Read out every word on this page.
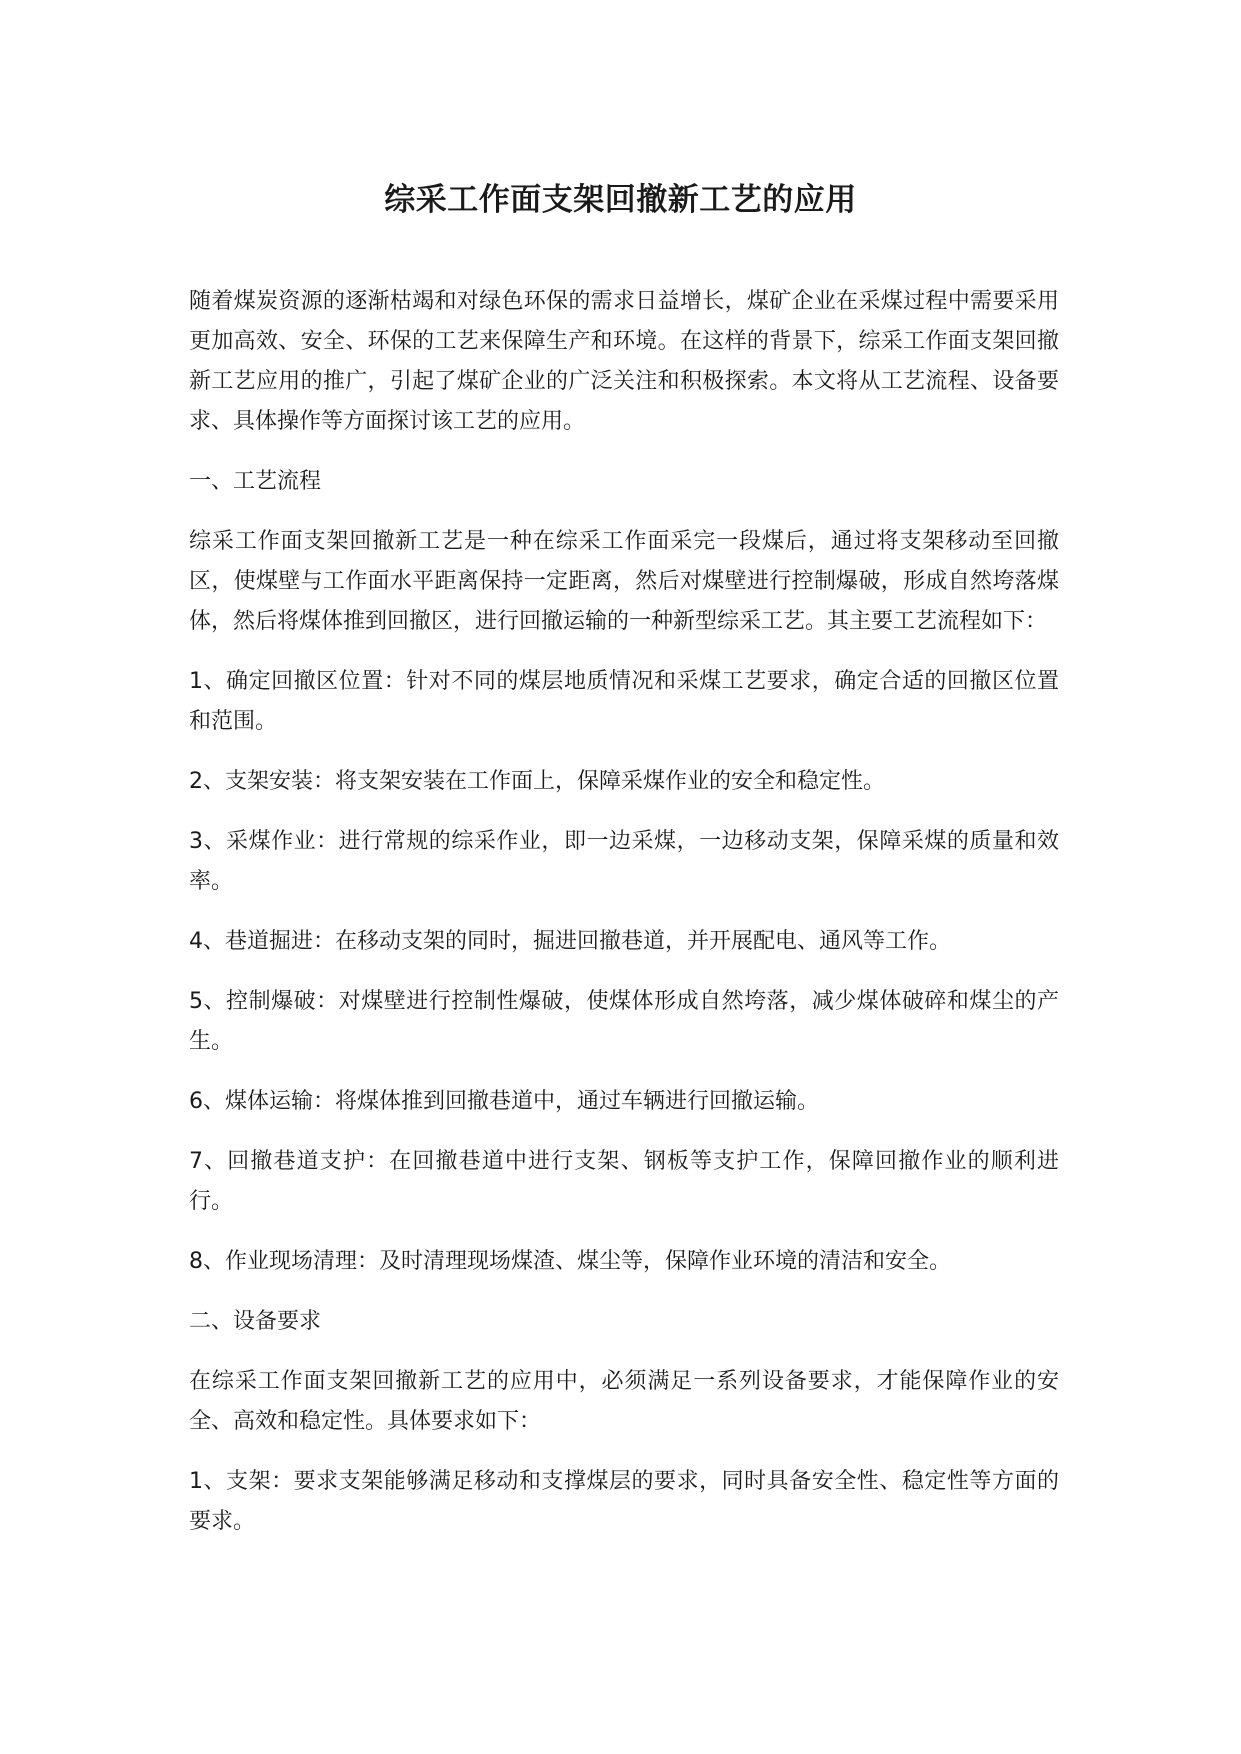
综采工作面支架回撤新工艺的应用

随着煤炭资源的逐渐枯竭和对绿色环保的需求日益增长，煤矿企业在采煤过程中需要采用更加高效、安全、环保的工艺来保障生产和环境。在这样的背景下，综采工作面支架回撤新工艺应用的推广，引起了煤矿企业的广泛关注和积极探索。本文将从工艺流程、设备要求、具体操作等方面探讨该工艺的应用。

一、工艺流程

综采工作面支架回撤新工艺是一种在综采工作面采完一段煤后，通过将支架移动至回撤区，使煤壁与工作面水平距离保持一定距离，然后对煤壁进行控制爆破，形成自然垮落煤体，然后将煤体推到回撤区，进行回撤运输的一种新型综采工艺。其主要工艺流程如下：

1、确定回撤区位置：针对不同的煤层地质情况和采煤工艺要求，确定合适的回撤区位置和范围。

2、支架安装：将支架安装在工作面上，保障采煤作业的安全和稳定性。

3、采煤作业：进行常规的综采作业，即一边采煤，一边移动支架，保障采煤的质量和效率。

4、巷道掘进：在移动支架的同时，掘进回撤巷道，并开展配电、通风等工作。

5、控制爆破：对煤壁进行控制性爆破，使煤体形成自然垮落，减少煤体破碎和煤尘的产生。

6、煤体运输：将煤体推到回撤巷道中，通过车辆进行回撤运输。

7、回撤巷道支护：在回撤巷道中进行支架、钢板等支护工作，保障回撤作业的顺利进行。

8、作业现场清理：及时清理现场煤渣、煤尘等，保障作业环境的清洁和安全。

二、设备要求

在综采工作面支架回撤新工艺的应用中，必须满足一系列设备要求，才能保障作业的安全、高效和稳定性。具体要求如下：

1、支架：要求支架能够满足移动和支撑煤层的要求，同时具备安全性、稳定性等方面的要求。
